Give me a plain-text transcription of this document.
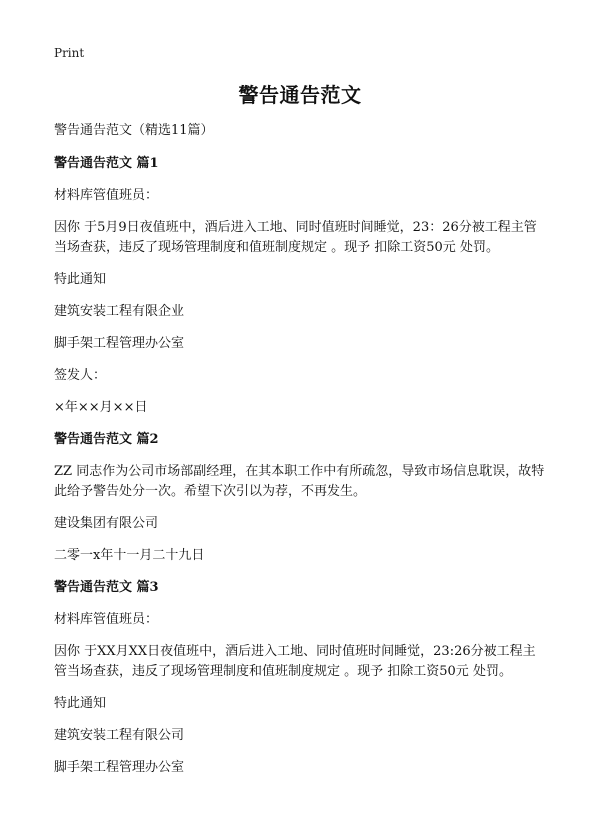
Print
警告通告范文

警告通告范文（精选11篇）

警告通告范文 篇1

材料库管值班员：

因你 于5月9日夜值班中，酒后进入工地、同时值班时间睡觉，23：26分被工程主管当场查获，违反了现场管理制度和值班制度规定 。现予 扣除工资50元 处罚。

特此通知

建筑安装工程有限企业

脚手架工程管理办公室

签发人：

×年××月××日

警告通告范文 篇2

ZZ 同志作为公司市场部副经理，在其本职工作中有所疏忽，导致市场信息耽误，故特此给予警告处分一次。希望下次引以为荐，不再发生。

建设集团有限公司

二零一x年十一月二十九日

警告通告范文 篇3

材料库管值班员：

因你 于XX月XX日夜值班中，酒后进入工地、同时值班时间睡觉，23:26分被工程主管当场查获，违反了现场管理制度和值班制度规定 。现予 扣除工资50元 处罚。

特此通知

建筑安装工程有限公司

脚手架工程管理办公室
